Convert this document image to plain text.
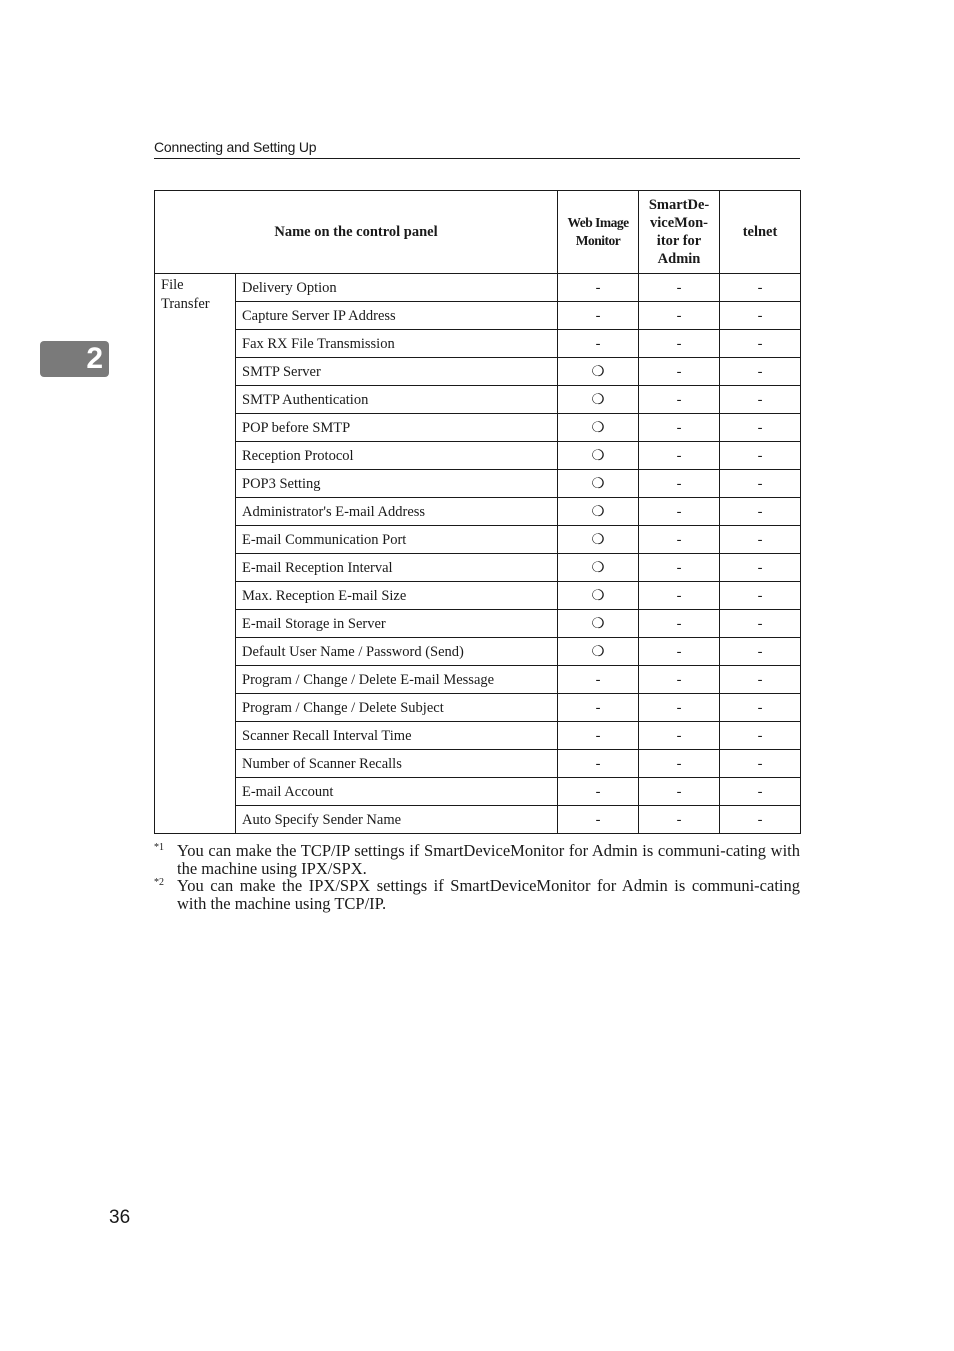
Connecting and Setting Up
2
Name on the control panel		Web Image Monitor	SmartDe-
viceMon-
itor for
Admin	telnet
File
Transfer	Delivery Option	-	-	-
	Capture Server IP Address	-	-	-
	Fax RX File Transmission	-	-	-
	SMTP Server	❍	-	-
	SMTP Authentication	❍	-	-
	POP before SMTP	❍	-	-
	Reception Protocol	❍	-	-
	POP3 Setting	❍	-	-
	Administrator's E-mail Address	❍	-	-
	E-mail Communication Port	❍	-	-
	E-mail Reception Interval	❍	-	-
	Max. Reception E-mail Size	❍	-	-
	E-mail Storage in Server	❍	-	-
	Default User Name / Password (Send)	❍	-	-
	Program / Change / Delete E-mail Message	-	-	-
	Program / Change / Delete Subject	-	-	-
	Scanner Recall Interval Time	-	-	-
	Number of Scanner Recalls	-	-	-
	E-mail Account	-	-	-
	Auto Specify Sender Name	-	-	-
*1 You can make the TCP/IP settings if SmartDeviceMonitor for Admin is communi-cating with the machine using IPX/SPX.
*2 You can make the IPX/SPX settings if SmartDeviceMonitor for Admin is communi-cating with the machine using TCP/IP.
36
